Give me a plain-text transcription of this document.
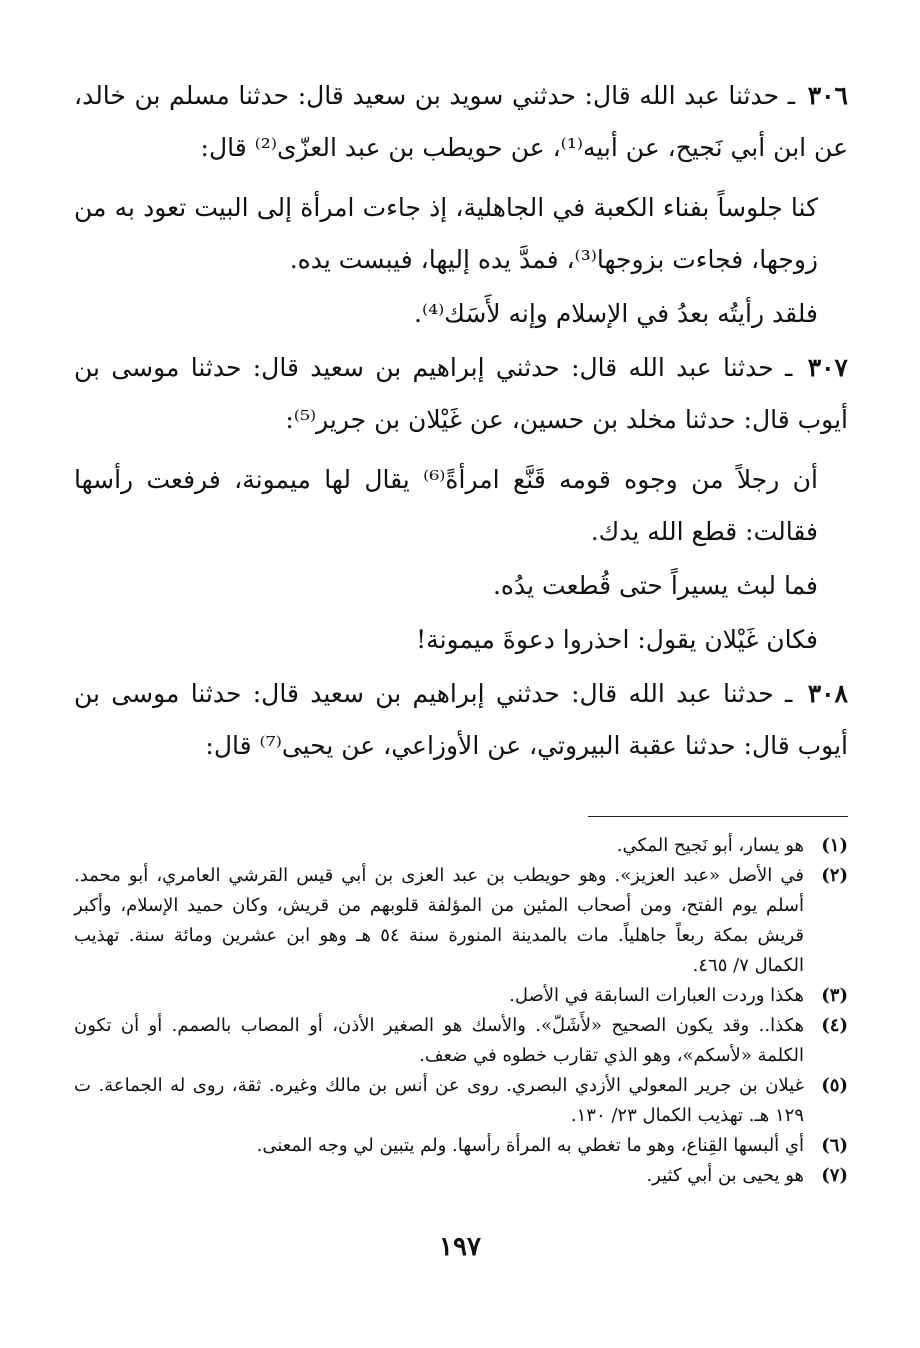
٣٠٦ ـ حدثنا عبد الله قال: حدثني سويد بن سعيد قال: حدثنا مسلم بن خالد، عن ابن أبي نَجيح، عن أبيه⁽¹⁾، عن حويطب بن عبد العزّى⁽²⁾ قال:

كنا جلوساً بفناء الكعبة في الجاهلية، إذ جاءت امرأة إلى البيت تعود به من زوجها، فجاءت بزوجها⁽³⁾، فمدَّ يده إليها، فيبست يده.

فلقد رأيتُه بعدُ في الإسلام وإنه لأَسَك⁽⁴⁾.

٣٠٧ ـ حدثنا عبد الله قال: حدثني إبراهيم بن سعيد قال: حدثنا موسى بن أيوب قال: حدثنا مخلد بن حسين، عن غَيْلان بن جرير⁽⁵⁾:

أن رجلاً من وجوه قومه قَنَّع امرأةً⁽⁶⁾ يقال لها ميمونة، فرفعت رأسها فقالت: قطع الله يدك.

فما لبث يسيراً حتى قُطعت يدُه.

فكان غَيْلان يقول: احذروا دعوةَ ميمونة!

٣٠٨ ـ حدثنا عبد الله قال: حدثني إبراهيم بن سعيد قال: حدثنا موسى بن أيوب قال: حدثنا عقبة البيروتي، عن الأوزاعي، عن يحيى⁽⁷⁾ قال:
(١)
هو يسار، أبو نَجيح المكي.
(٢)
في الأصل «عبد العزيز». وهو حويطب بن عبد العزى بن أبي قيس القرشي العامري، أبو محمد. أسلم يوم الفتح، ومن أصحاب المئين من المؤلفة قلوبهم من قريش، وكان حميد الإسلام، وأكبر قريش بمكة ربعاً جاهلياً. مات بالمدينة المنورة سنة ٥٤ هـ وهو ابن عشرين ومائة سنة. تهذيب الكمال ٧/ ٤٦٥.
(٣)
هكذا وردت العبارات السابقة في الأصل.
(٤)
هكذا.. وقد يكون الصحيح «لأَشَلّ». والأسك هو الصغير الأذن، أو المصاب بالصمم. أو أن تكون الكلمة «لأسكم»، وهو الذي تقارب خطوه في ضعف.
(٥)
غيلان بن جرير المعولي الأزدي البصري. روى عن أنس بن مالك وغيره. ثقة، روى له الجماعة. ت ١٢٩ هـ. تهذيب الكمال ٢٣/ ١٣٠.
(٦)
أي ألبسها القِناع، وهو ما تغطي به المرأة رأسها. ولم يتبين لي وجه المعنى.
(٧)
هو يحيى بن أبي كثير.
١٩٧
